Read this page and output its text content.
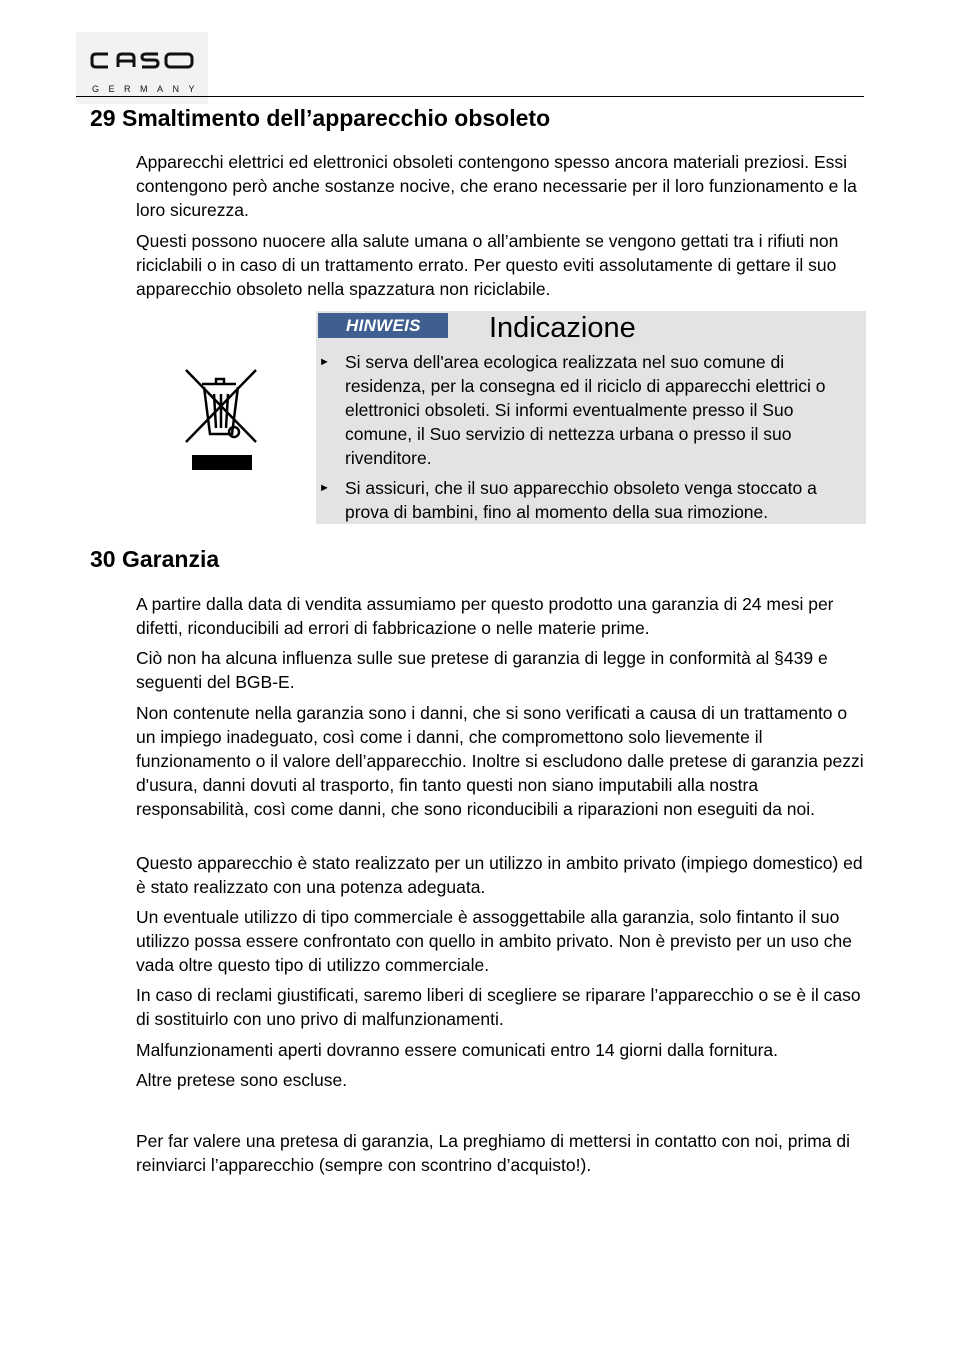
GERMANY
29 Smaltimento dell’apparecchio obsoleto

Apparecchi elettrici ed elettronici obsoleti contengono spesso ancora materiali preziosi. Essi contengono però anche sostanze nocive, che erano necessarie per il loro funzionamento e la loro sicurezza.

Questi possono nuocere alla salute umana o all’ambiente se vengono gettati tra i rifiuti non riciclabili o in caso di un trattamento errato. Per questo eviti assolutamente di gettare il suo apparecchio obsoleto nella spazzatura non riciclabile.

HINWEIS Indicazione
► Si serva dell'area ecologica realizzata nel suo comune di residenza, per la consegna ed il riciclo di apparecchi elettrici o elettronici obsoleti. Si informi eventualmente presso il Suo comune, il Suo servizio di nettezza urbana o presso il suo rivenditore.
► Si assicuri, che il suo apparecchio obsoleto venga stoccato a prova di bambini, fino al momento della sua rimozione.
30 Garanzia

A partire dalla data di vendita assumiamo per questo prodotto una garanzia di 24 mesi per difetti, riconducibili ad errori di fabbricazione o nelle materie prime.

Ciò non ha alcuna influenza sulle sue pretese di garanzia di legge in conformità al §439 e seguenti del BGB-E.

Non contenute nella garanzia sono i danni, che si sono verificati a causa di un trattamento o un impiego inadeguato, così come i danni, che compromettono solo lievemente il funzionamento o il valore dell’apparecchio. Inoltre si escludono dalle pretese di garanzia pezzi d'usura, danni dovuti al trasporto, fin tanto questi non siano imputabili alla nostra responsabilità, così come danni, che sono riconducibili a riparazioni non eseguiti da noi.

Questo apparecchio è stato realizzato per un utilizzo in ambito privato (impiego domestico) ed è stato realizzato con una potenza adeguata.

Un eventuale utilizzo di tipo commerciale è assoggettabile alla garanzia, solo fintanto il suo utilizzo possa essere confrontato con quello in ambito privato. Non è previsto per un uso che vada oltre questo tipo di utilizzo commerciale.

In caso di reclami giustificati, saremo liberi di scegliere se riparare l’apparecchio o se è il caso di sostituirlo con uno privo di malfunzionamenti.

Malfunzionamenti aperti dovranno essere comunicati entro 14 giorni dalla fornitura.

Altre pretese sono escluse.

Per far valere una pretesa di garanzia, La preghiamo di mettersi in contatto con noi, prima di reinviarci l’apparecchio (sempre con scontrino d’acquisto!).
